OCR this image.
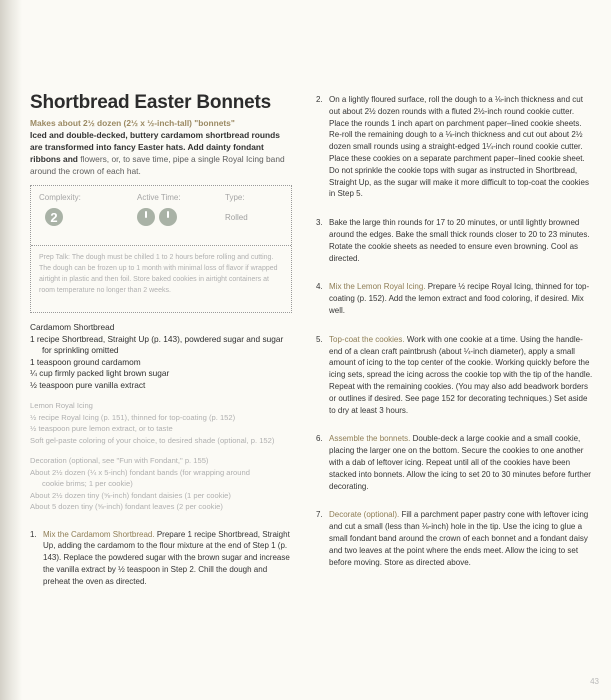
Shortbread Easter Bonnets
Makes about 2½ dozen (2½ x ½-inch-tall) "bonnets"
Iced and double-decked, buttery cardamom shortbread rounds are transformed into fancy Easter hats. Add dainty fondant ribbons and flowers, or, to save time, pipe a single Royal Icing band around the crown of each hat.
Complexity:
2
Active Time:	Type:
Rolled
Prep Talk: The dough must be chilled 1 to 2 hours before rolling and cutting. The dough can be frozen up to 1 month with minimal loss of flavor if wrapped airtight in plastic and then foil. Store baked cookies in airtight containers at room temperature no longer than 2 weeks.
Cardamom Shortbread
1 recipe Shortbread, Straight Up (p. 143), powdered sugar and sugar
for sprinkling omitted
1 teaspoon ground cardamom
¼ cup firmly packed light brown sugar
½ teaspoon pure vanilla extract
Lemon Royal Icing
½ recipe Royal Icing (p. 151), thinned for top-coating (p. 152)
½ teaspoon pure lemon extract, or to taste
Soft gel-paste coloring of your choice, to desired shade (optional, p. 152)
Decoration (optional, see "Fun with Fondant," p. 155)
About 2½ dozen (¼ x 5-inch) fondant bands (for wrapping around
cookie brims; 1 per cookie)
About 2½ dozen tiny (⅝-inch) fondant daisies (1 per cookie)
About 5 dozen tiny (⅝-inch) fondant leaves (2 per cookie)
1. Mix the Cardamom Shortbread. Prepare 1 recipe Shortbread, Straight Up, adding the cardamom to the flour mixture at the end of Step 1 (p. 143). Replace the powdered sugar with the brown sugar and increase the vanilla extract by ½ teaspoon in Step 2. Chill the dough and preheat the oven as directed.
2. On a lightly floured surface, roll the dough to a ⅛-inch thickness and cut out about 2½ dozen rounds with a fluted 2½-inch round cookie cutter. Place the rounds 1 inch apart on parchment paper–lined cookie sheets. Re-roll the remaining dough to a ⅛-inch thickness and cut out about 2½ dozen small rounds using a straight-edged 1¼-inch round cookie cutter. Place these cookies on a separate parchment paper–lined cookie sheet. Do not sprinkle the cookie tops with sugar as instructed in Shortbread, Straight Up, as the sugar will make it more difficult to top-coat the cookies in Step 5.
3. Bake the large thin rounds for 17 to 20 minutes, or until lightly browned around the edges. Bake the small thick rounds closer to 20 to 23 minutes. Rotate the cookie sheets as needed to ensure even browning. Cool as directed.
4. Mix the Lemon Royal Icing. Prepare ½ recipe Royal Icing, thinned for top-coating (p. 152). Add the lemon extract and food coloring, if desired. Mix well.
5. Top-coat the cookies. Work with one cookie at a time. Using the handle-end of a clean craft paintbrush (about ¼-inch diameter), apply a small amount of icing to the top center of the cookie. Working quickly before the icing sets, spread the icing across the cookie top with the tip of the handle. Repeat with the remaining cookies. (You may also add beadwork borders or outlines if desired. See page 152 for decorating techniques.) Set aside to dry at least 3 hours.
6. Assemble the bonnets. Double-deck a large cookie and a small cookie, placing the larger one on the bottom. Secure the cookies to one another with a dab of leftover icing. Repeat until all of the cookies have been stacked into bonnets. Allow the icing to set 20 to 30 minutes before further decorating.
7. Decorate (optional). Fill a parchment paper pastry cone with leftover icing and cut a small (less than ⅛-inch) hole in the tip. Use the icing to glue a small fondant band around the crown of each bonnet and a fondant daisy and two leaves at the point where the ends meet. Allow the icing to set before moving. Store as directed above.
43
